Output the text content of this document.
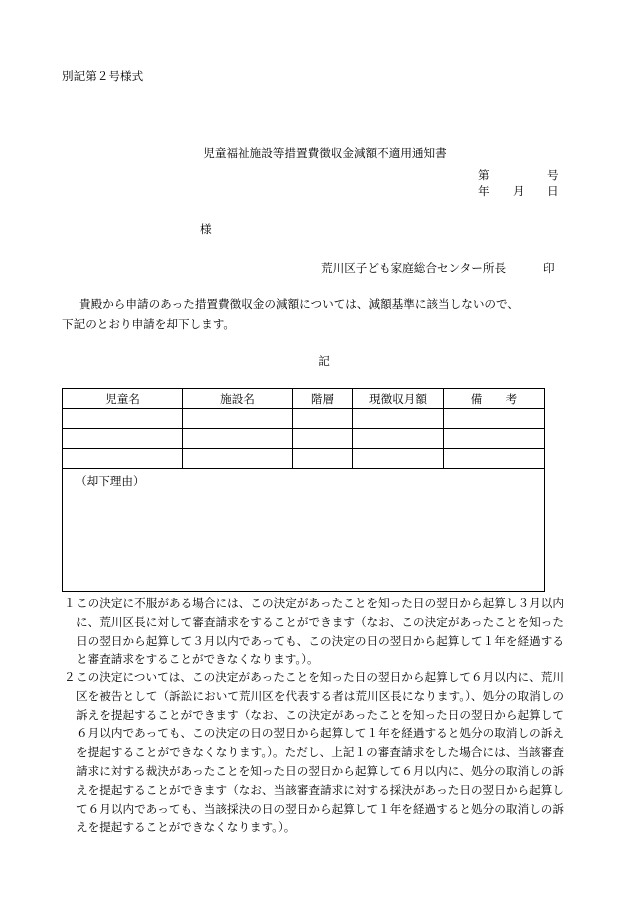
別記第２号様式
児童福祉施設等措置費徴収金減額不適用通知書
第	号
年 月 日
様
荒川区子ども家庭総合センター所長	印
貴殿から申請のあった措置費徴収金の減額については、減額基準に該当しないので、
下記のとおり申請を却下します。
記
児童名	施設名	階層	現徴収月額	備　　考

（却下理由）				
１ この決定に不服がある場合には、この決定があったことを知った日の翌日から起算し３月以内に、荒川区長に対して審査請求をすることができます（なお、この決定があったことを知った日の翌日から起算して３月以内であっても、この決定の日の翌日から起算して１年を経過すると審査請求をすることができなくなります。）。
２ この決定については、この決定があったことを知った日の翌日から起算して６月以内に、荒川区を被告として（訴訟において荒川区を代表する者は荒川区長になります。）、処分の取消しの訴えを提起することができます（なお、この決定があったことを知った日の翌日から起算して６月以内であっても、この決定の日の翌日から起算して１年を経過すると処分の取消しの訴えを提起することができなくなります。）。ただし、上記１の審査請求をした場合には、当該審査請求に対する裁決があったことを知った日の翌日から起算して６月以内に、処分の取消しの訴えを提起することができます（なお、当該審査請求に対する採決があった日の翌日から起算して６月以内であっても、当該採決の日の翌日から起算して１年を経過すると処分の取消しの訴えを提起することができなくなります。）。
